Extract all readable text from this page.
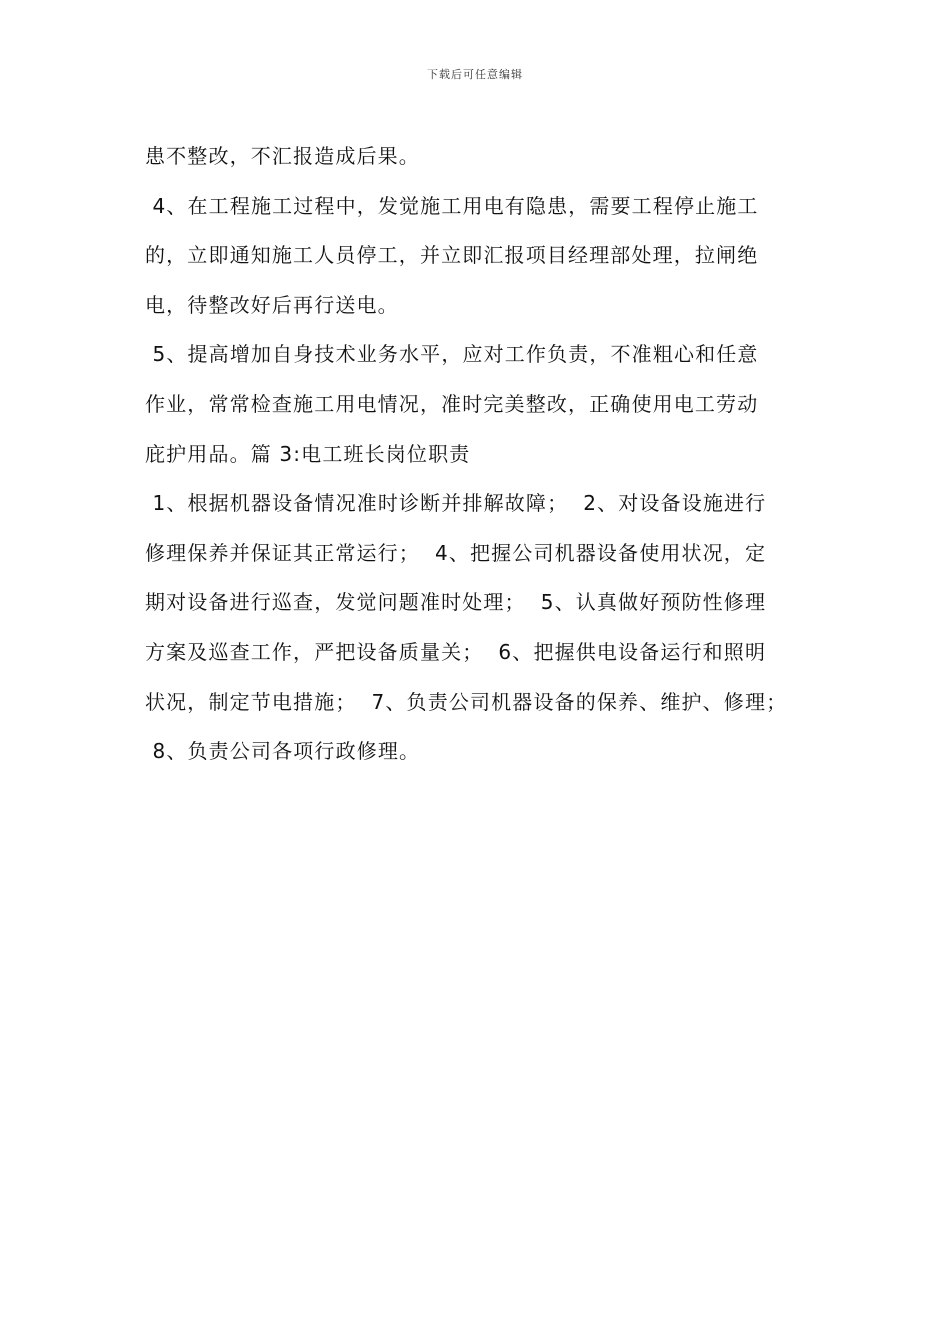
下载后可任意编辑
患不整改，不汇报造成后果。
4、在工程施工过程中，发觉施工用电有隐患，需要工程停止施工
的，立即通知施工人员停工，并立即汇报项目经理部处理，拉闸绝
电，待整改好后再行送电。
5、提高增加自身技术业务水平，应对工作负责，不准粗心和任意
作业，常常检查施工用电情况，准时完美整改，正确使用电工劳动
庇护用品。篇 3:电工班长岗位职责
1、根据机器设备情况准时诊断并排解故障；  2、对设备设施进行
修理保养并保证其正常运行；  4、把握公司机器设备使用状况，定
期对设备进行巡查，发觉问题准时处理；  5、认真做好预防性修理
方案及巡查工作，严把设备质量关；  6、把握供电设备运行和照明
状况，制定节电措施；  7、负责公司机器设备的保养、维护、修理；
8、负责公司各项行政修理。
